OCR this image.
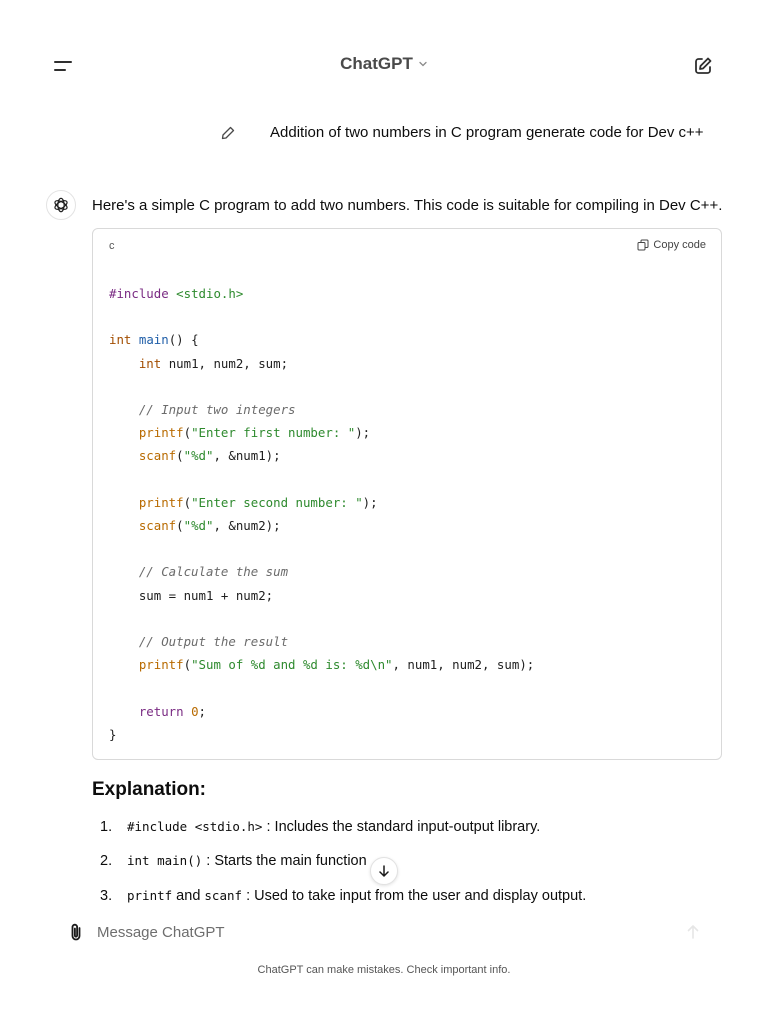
ChatGPT
Addition of two numbers in C program generate code for Dev c++
Here's a simple C program to add two numbers. This code is suitable for compiling in Dev C++.
c	Copy code
#include <stdio.h>

int main() {
int num1, num2, sum;

// Input two integers
printf("Enter first number: ");
scanf("%d", &num1);

printf("Enter second number: ");
scanf("%d", &num2);

// Calculate the sum
sum = num1 + num2;

// Output the result
printf("Sum of %d and %d is: %d\n", num1, num2, sum);

return 0;
}
Explanation:
1. #include <stdio.h> : Includes the standard input-output library.
2. int main() : Starts the main function
3. printf and scanf : Used to take input from the user and display output.
Message ChatGPT
ChatGPT can make mistakes. Check important info.
